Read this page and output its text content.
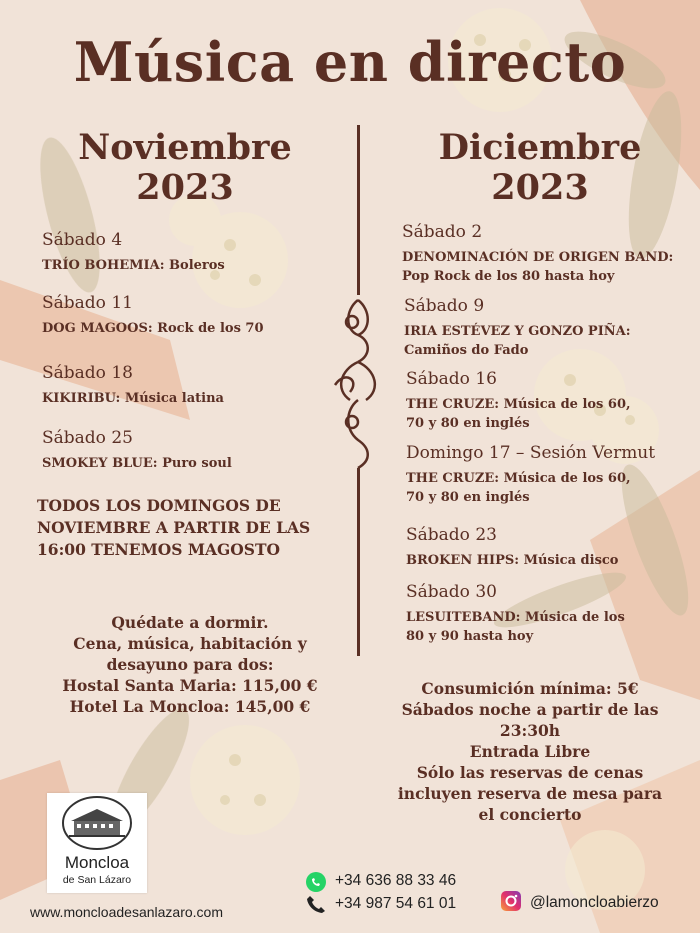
Música en directo
Noviembre
2023
Diciembre
2023
Sábado 4
TRÍO BOHEMIA: Boleros
Sábado 11
DOG MAGOOS: Rock de los 70
Sábado 18
KIKIRIBU: Música latina
Sábado 25
SMOKEY BLUE: Puro soul
TODOS LOS DOMINGOS DE
NOVIEMBRE A PARTIR DE LAS
16:00 TENEMOS MAGOSTO
Sábado 2
DENOMINACIÓN DE ORIGEN BAND:
Pop Rock de los 80 hasta hoy
Sábado 9
IRIA ESTÉVEZ Y GONZO PIÑA:
Camiños do Fado
Sábado 16
THE CRUZE: Música de los 60,
70 y 80 en inglés
Domingo 17 – Sesión Vermut
THE CRUZE: Música de los 60,
70 y 80 en inglés
Sábado 23
BROKEN HIPS: Música disco
Sábado 30
LESUITEBAND: Música de los
80 y 90 hasta hoy
Quédate a dormir.
Cena, música, habitación y
desayuno para dos:
Hostal Santa Maria: 115,00 €
Hotel La Moncloa: 145,00 €
Consumición mínima: 5€
Sábados noche a partir de las
23:30h
Entrada Libre
Sólo las reservas de cenas
incluyen reserva de mesa para
el concierto
Moncloa
de San Lázaro
www.moncloadesanlazaro.com
+34 636 88 33 46
+34 987 54 61 01	@lamoncloabierzo
